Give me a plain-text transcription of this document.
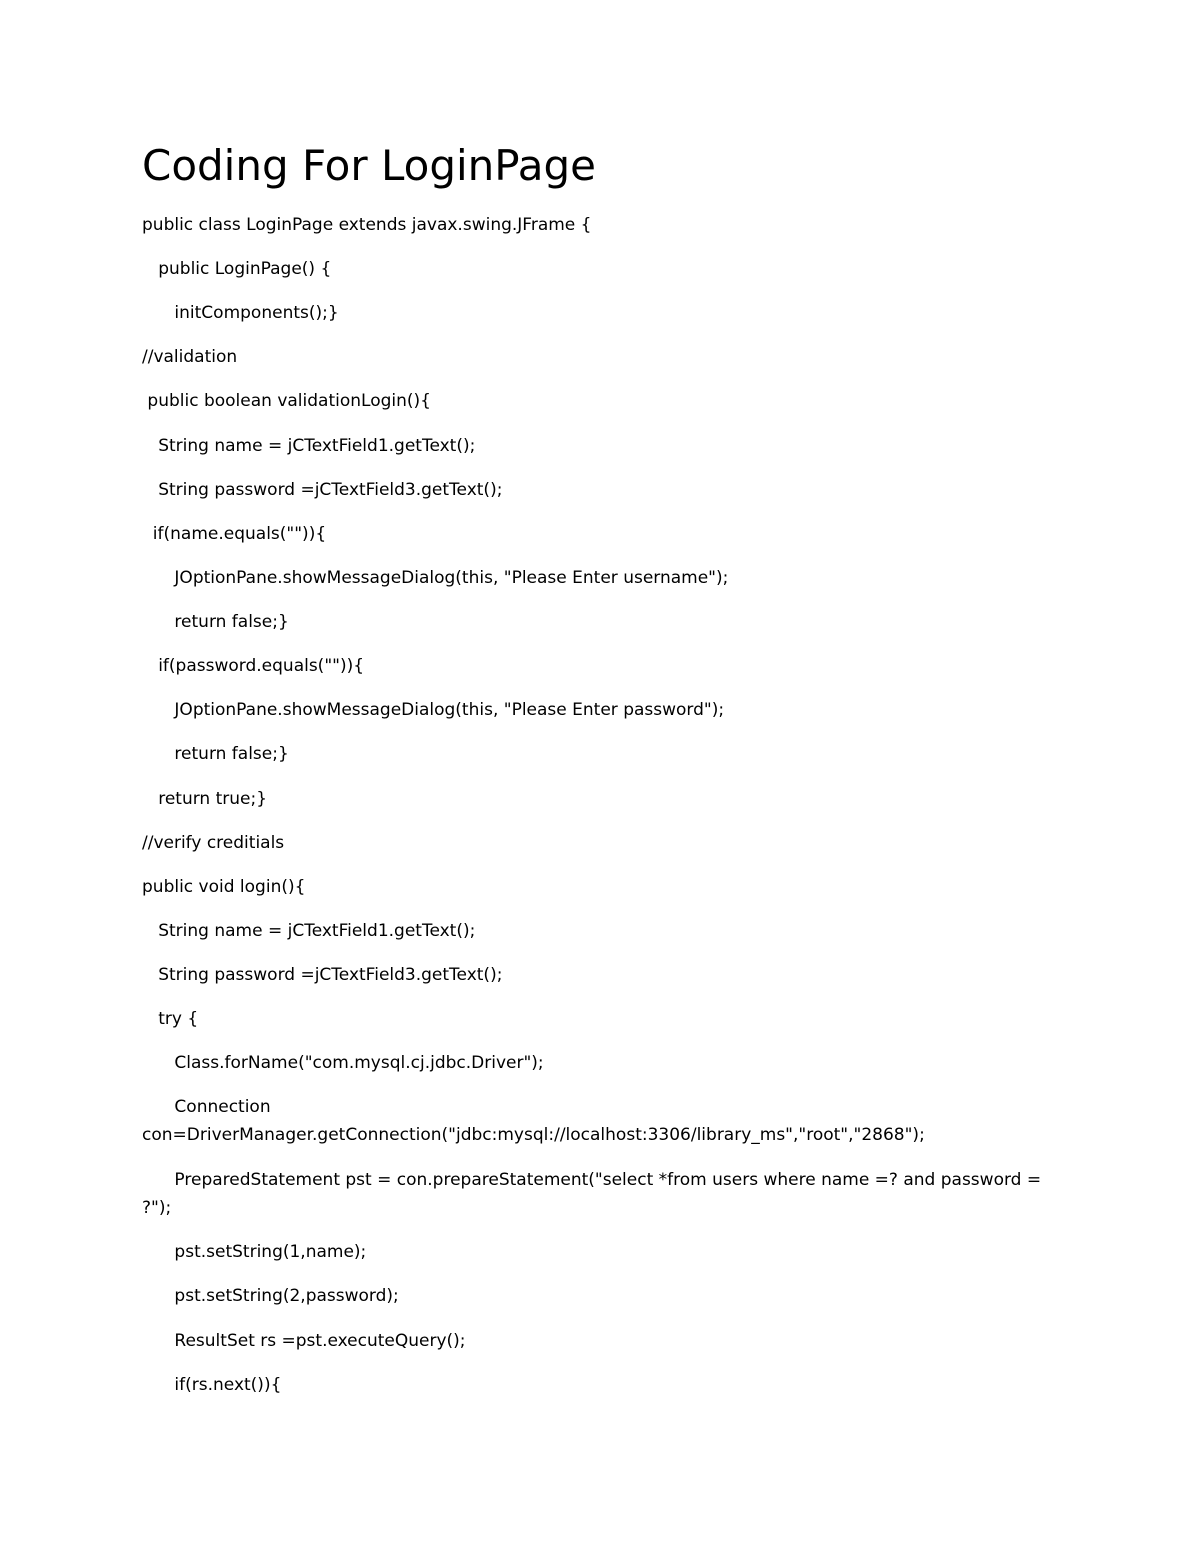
Coding For LoginPage

public class LoginPage extends javax.swing.JFrame {

public LoginPage() {

initComponents();}

//validation

public boolean validationLogin(){

String name = jCTextField1.getText();

String password =jCTextField3.getText();

if(name.equals("")){

JOptionPane.showMessageDialog(this, "Please Enter username");

return false;}

if(password.equals("")){

JOptionPane.showMessageDialog(this, "Please Enter password");

return false;}

return true;}

//verify creditials

public void login(){

String name = jCTextField1.getText();

String password =jCTextField3.getText();

try {

Class.forName("com.mysql.cj.jdbc.Driver");

Connection

con=DriverManager.getConnection("jdbc:mysql://localhost:3306/library_ms","root","2868");

PreparedStatement pst = con.prepareStatement("select *from users where name =? and password =

?");

pst.setString(1,name);

pst.setString(2,password);

ResultSet rs =pst.executeQuery();

if(rs.next()){
